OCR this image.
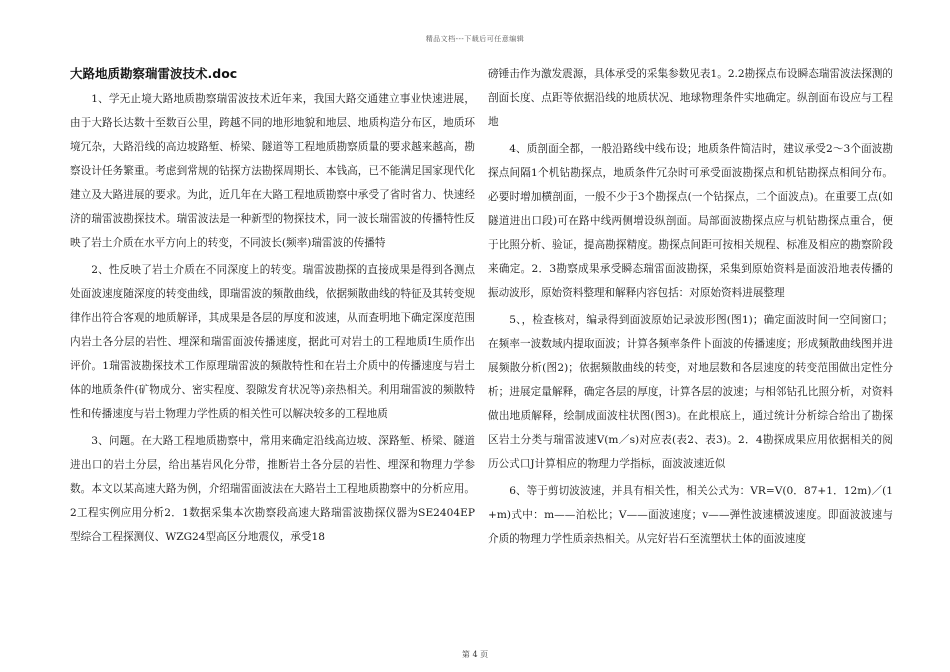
精品文档---下载后可任意编辑
大路地质勘察瑞雷波技术.doc

1、学无止境大路地质勘察瑞雷波技术近年来，我国大路交通建立事业快速进展，由于大路长达数十至数百公里，跨越不同的地形地貌和地层、地质构造分布区，地质环境冗杂，大路沿线的高边坡路堑、桥梁、隧道等工程地质勘察质量的要求越来越高，勘察设计任务繁重。考虑到常规的钻探方法勘探周期长、本钱高，已不能满足国家现代化建立及大路进展的要求。为此，近几年在大路工程地质勘察中承受了省时省力、快速经济的瑞雷波勘探技术。瑞雷波法是一种新型的物探技术，同一波长瑞雷波的传播特性反映了岩土介质在水平方向上的转变，不同波长(频率)瑞雷波的传播特

2、性反映了岩土介质在不同深度上的转变。瑞雷波勘探的直接成果是得到各测点处面波速度随深度的转变曲线，即瑞雷波的频散曲线，依据频散曲线的特征及其转变规律作出符合客观的地质解译，其成果是各层的厚度和波速，从而查明地下确定深度范围内岩土各分层的岩性、埋深和瑞雷面波传播速度，据此可对岩土的工程地质I生质作出评价。1瑞雷波勘探技术工作原理瑞雷波的频散特性和在岩土介质中的传播速度与岩土体的地质条件(矿物成分、密实程度、裂隙发育状况等)亲热相关。利用瑞雷波的频散特性和传播速度与岩土物理力学性质的相关性可以解决较多的工程地质

3、问题。在大路工程地质勘察中，常用来确定沿线高边坡、深路堑、桥梁、隧道进出口的岩土分层，给出基岩风化分带，推断岩土各分层的岩性、埋深和物理力学参数。本文以某高速大路为例，介绍瑞雷面波法在大路岩土工程地质勘察中的分析应用。2工程实例应用分析2．1数据采集本次勘察段高速大路瑞雷波勘探仪器为SE2404EP型综合工程探测仪、WZG24型高区分地震仪，承受18

磅锤击作为激发震源，具体承受的采集参数见表1。2.2勘探点布设瞬态瑞雷波法探测的剖面长度、点距等依据沿线的地质状况、地球物理条件实地确定。纵剖面布设应与工程地

4、质剖面全都，一般沿路线中线布设；地质条件简洁时，建议承受2～3个面波勘探点间隔1个机钻勘探点，地质条件冗杂时可承受面波勘探点和机钻勘探点相间分布。必要时增加横剖面，一般不少于3个勘探点(一个钻探点，二个面波点)。在重要工点(如隧道进出口段)可在路中线两侧增设纵剖面。局部面波勘探点应与机钻勘探点重合，便于比照分析、验证，提高勘探精度。勘探点间距可按相关规程、标准及相应的勘察阶段来确定。2．3勘察成果承受瞬态瑞雷面波勘探，采集到原始资料是面波沿地表传播的振动波形，原始资料整理和解释内容包括：对原始资料进展整理

5、，检查核对，编录得到面波原始记录波形图(图1)；确定面波时间一空间窗口；在频率一波数域内提取面波；计算各频率条件卜面波的传播速度；形成频散曲线图并进展频散分析(图2)；依据频散曲线的转变，对地层数和各层速度的转变范围做出定性分析；进展定量解释，确定各层的厚度，计算各层的波速；与相邻钻孔比照分析，对资料做出地质解释，绘制成面波柱状图(图3)。在此根底上，通过统计分析综合给出了勘探区岩土分类与瑞雷波速V(m／s)对应表(表2、表3)。2．4勘探成果应用依据相关的阅历公式口J计算相应的物理力学指标，面波波速近似

6、等于剪切波波速，并具有相关性，相关公式为：VR=V(0．87+1．12m)／(1+m)式中：m——泊松比；V——面波速度；v——弹性波速横波速度。即面波波速与介质的物理力学性质亲热相关。从完好岩石至流塑状土体的面波速度

第 4 页
